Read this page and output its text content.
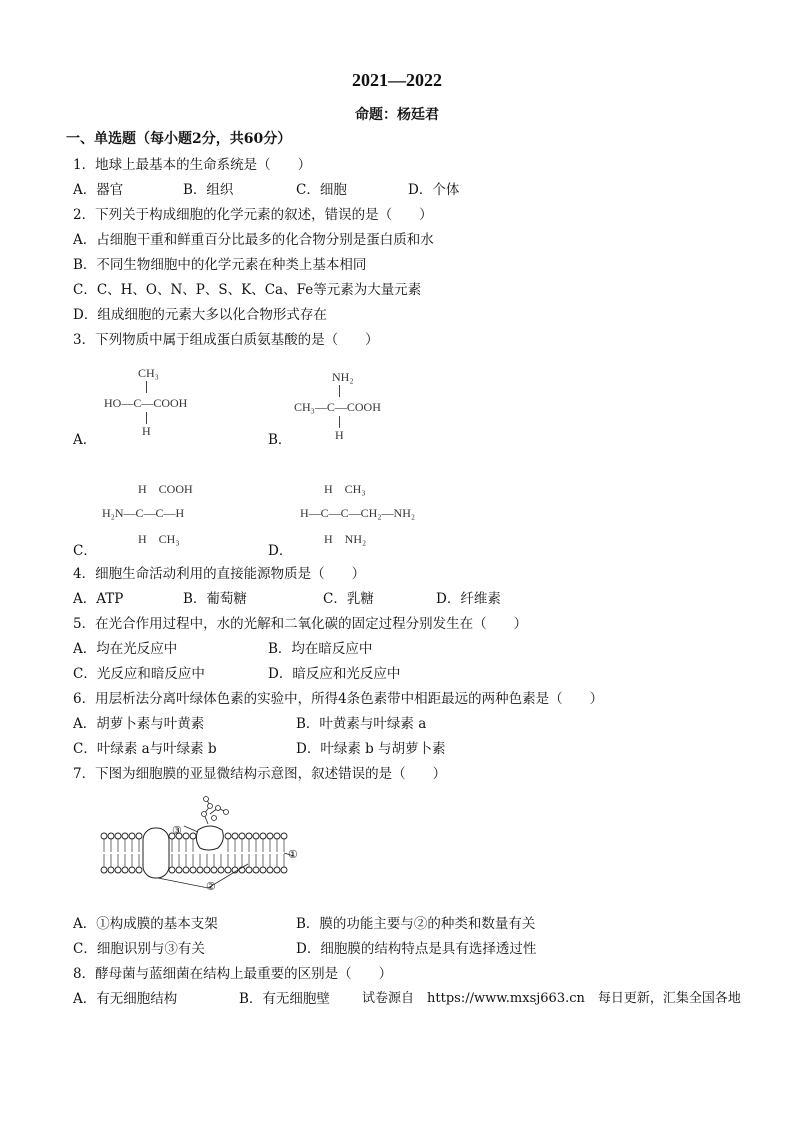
2021—2022
命题：杨廷君
一、单选题（每小题2分，共60分）
1．地球上最基本的生命系统是（　　）
A．器官	B．组织	C．细胞	D．个体
2．下列关于构成细胞的化学元素的叙述，错误的是（　　）
A．占细胞干重和鲜重百分比最多的化合物分别是蛋白质和水
B．不同生物细胞中的化学元素在种类上基本相同
C．C、H、O、N、P、S、K、Ca、Fe等元素为大量元素
D．组成细胞的元素大多以化合物形式存在
3．下列物质中属于组成蛋白质氨基酸的是（　　）
CH₃
HO—C—COOH
H
A．
NH₂
CH₃—C—COOH
H
B．
H　COOH
H₂N—C—C—H
H　CH₃
C．
H　CH₃
H—C—C—CH₂—NH₂
H　NH₂
D．
4．细胞生命活动利用的直接能源物质是（　　）
A．ATP	B．葡萄糖	C．乳糖	D．纤维素
5．在光合作用过程中，水的光解和二氧化碳的固定过程分别发生在（　　）
A．均在光反应中	B．均在暗反应中
C．光反应和暗反应中	D．暗反应和光反应中
6．用层析法分离叶绿体色素的实验中，所得4条色素带中相距最远的两种色素是（　　）
A．胡萝卜素与叶黄素	B．叶黄素与叶绿素 a
C．叶绿素 a与叶绿素 b	D．叶绿素 b 与胡萝卜素
7．下图为细胞膜的亚显微结构示意图，叙述错误的是（　　）
①
②
③
A．①构成膜的基本支架	B．膜的功能主要与②的种类和数量有关
C．细胞识别与③有关	D．细胞膜的结构特点是具有选择透过性
8．酵母菌与蓝细菌在结构上最重要的区别是（　　）
A．有无细胞结构	B．有无细胞壁 试卷源自　https://www.mxsj663.cn　每日更新，汇集全国各地
